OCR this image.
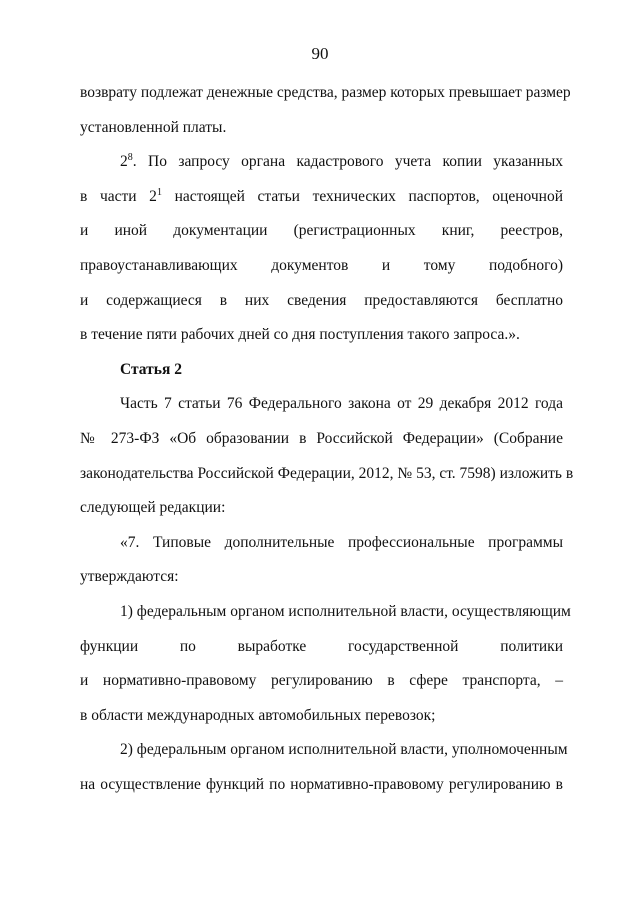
90
возврату подлежат денежные средства, размер которых превышает размер
установленной платы.
$2^8$. По запросу органа кадастрового учета копии указанных
в части $2^1$ настоящей статьи технических паспортов, оценочной
и иной документации (регистрационных книг, реестров,
правоустанавливающих документов и тому подобного)
и содержащиеся в них сведения предоставляются бесплатно
в течение пяти рабочих дней со дня поступления такого запроса.».
Статья 2
Часть 7 статьи 76 Федерального закона от 29 декабря 2012 года
№ 273-ФЗ «Об образовании в Российской Федерации» (Собрание
законодательства Российской Федерации, 2012, № 53, ст. 7598) изложить в
следующей редакции:
«7. Типовые дополнительные профессиональные программы
утверждаются:
1) федеральным органом исполнительной власти, осуществляющим
функции по выработке государственной политики
и нормативно-правовому регулированию в сфере транспорта, –
в области международных автомобильных перевозок;
2) федеральным органом исполнительной власти, уполномоченным
на осуществление функций по нормативно-правовому регулированию в
